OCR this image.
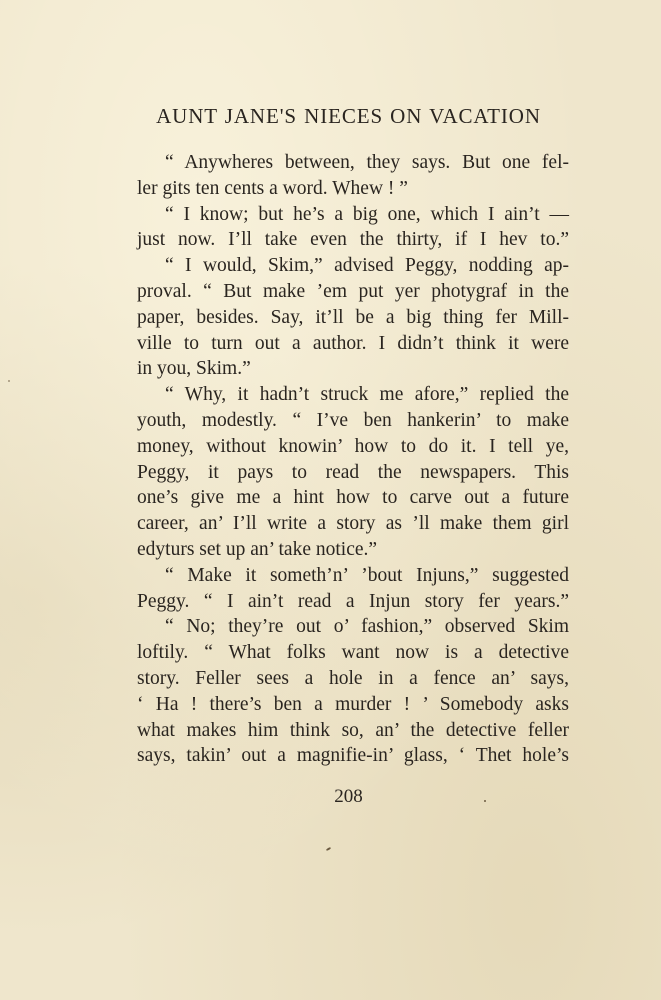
AUNT JANE'S NIECES ON VACATION
“ Anywheres between, they says. But one fel-
ler gits ten cents a word. Whew ! ”
“ I know; but he’s a big one, which I ain’t —
just now. I’ll take even the thirty, if I hev to.”
“ I would, Skim,” advised Peggy, nodding ap-
proval. “ But make ’em put yer photygraf in the
paper, besides. Say, it’ll be a big thing fer Mill-
ville to turn out a author. I didn’t think it were
in you, Skim.”
“ Why, it hadn’t struck me afore,” replied the
youth, modestly. “ I’ve ben hankerin’ to make
money, without knowin’ how to do it. I tell ye,
Peggy, it pays to read the newspapers. This
one’s give me a hint how to carve out a future
career, an’ I’ll write a story as ’ll make them girl
edyturs set up an’ take notice.”
“ Make it someth’n’ ’bout Injuns,” suggested
Peggy. “ I ain’t read a Injun story fer years.”
“ No; they’re out o’ fashion,” observed Skim
loftily. “ What folks want now is a detective
story. Feller sees a hole in a fence an’ says,
‘ Ha ! there’s ben a murder ! ’ Somebody asks
what makes him think so, an’ the detective feller
says, takin’ out a magnifie-in’ glass, ‘ Thet hole’s
208
